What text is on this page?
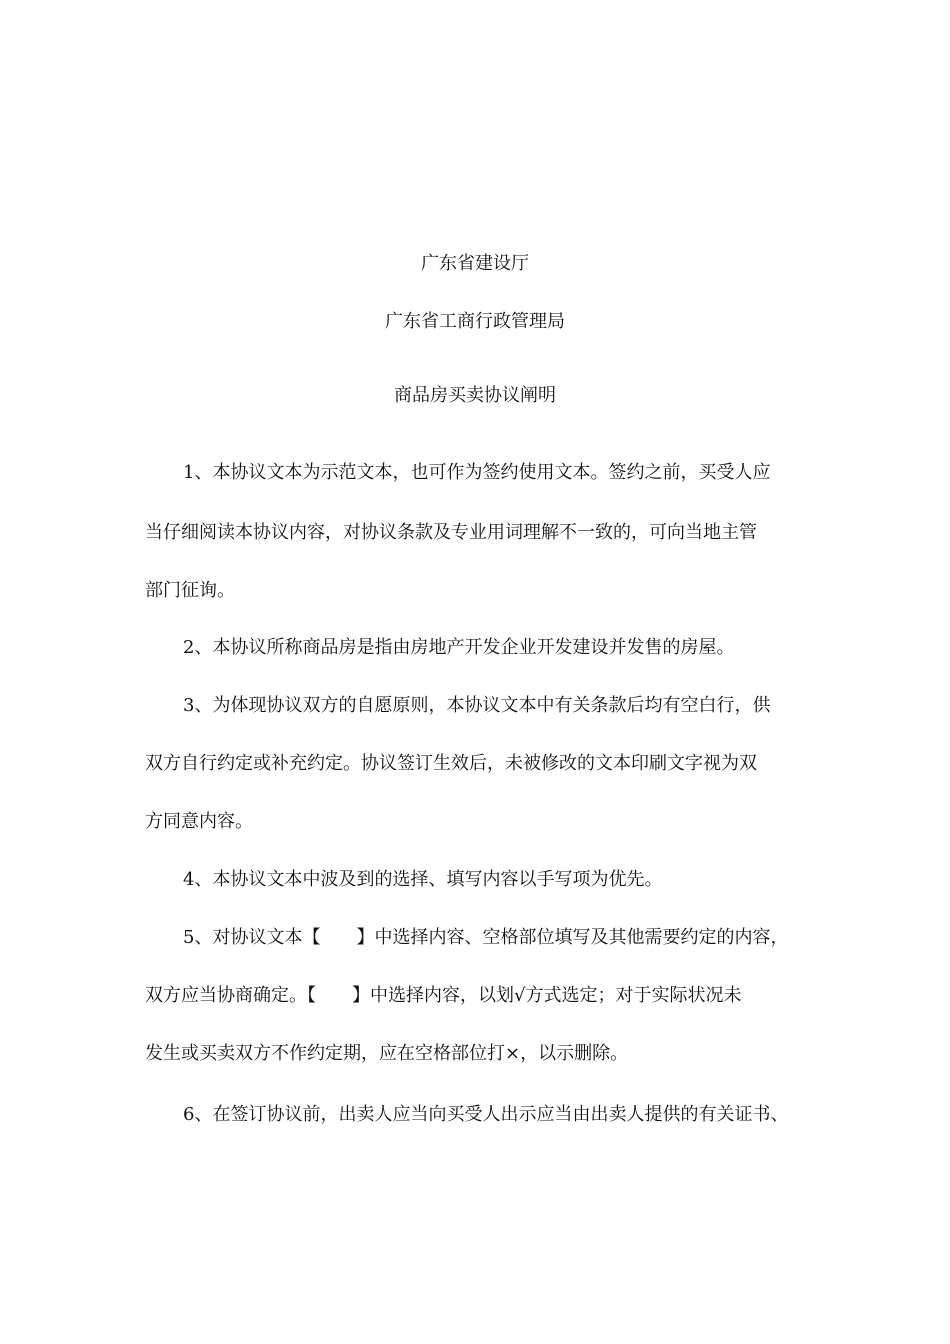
广东省建设厅
广东省工商行政管理局
商品房买卖协议阐明
1、本协议文本为示范文本，也可作为签约使用文本。签约之前，买受人应
当仔细阅读本协议内容，对协议条款及专业用词理解不一致的，可向当地主管
部门征询。
2、本协议所称商品房是指由房地产开发企业开发建设并发售的房屋。
3、为体现协议双方的自愿原则，本协议文本中有关条款后均有空白行，供
双方自行约定或补充约定。协议签订生效后，未被修改的文本印刷文字视为双
方同意内容。
4、本协议文本中波及到的选择、填写内容以手写项为优先。
5、对协议文本【　　】中选择内容、空格部位填写及其他需要约定的内容，
双方应当协商确定。【　　】中选择内容，以划√方式选定；对于实际状况未
发生或买卖双方不作约定期，应在空格部位打×，以示删除。
6、在签订协议前，出卖人应当向买受人出示应当由出卖人提供的有关证书、
